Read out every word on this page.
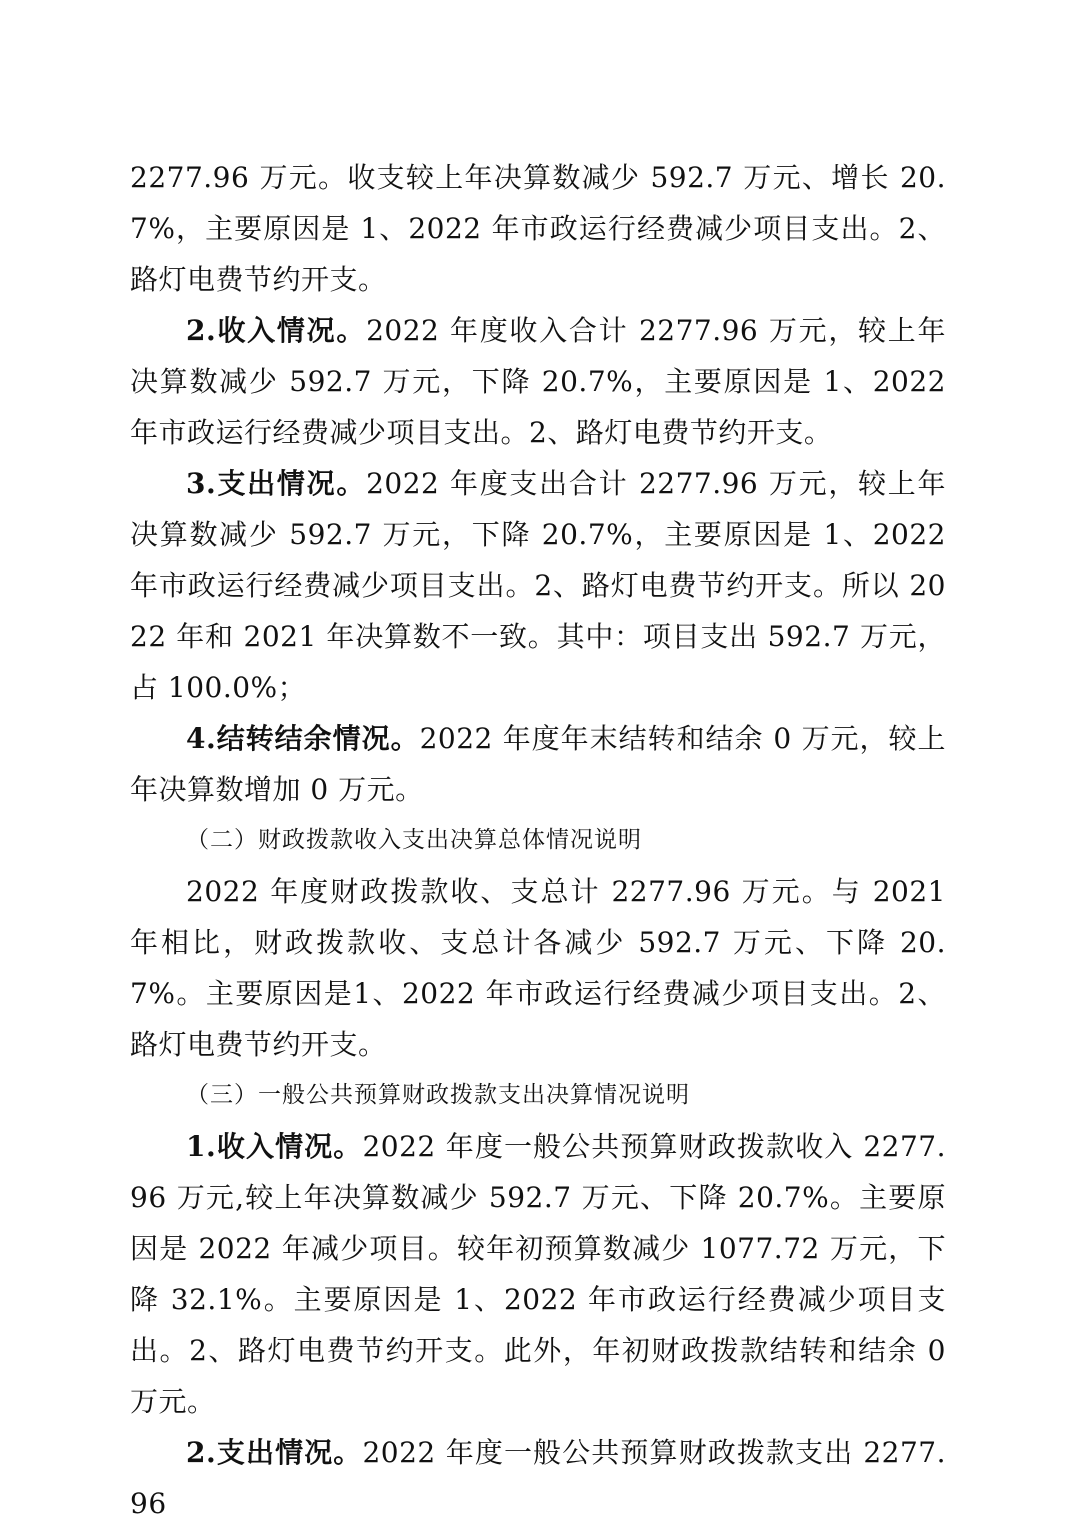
2277.96 万元。收支较上年决算数减少 592.7 万元、增长 20.7%，主要原因是 1、2022 年市政运行经费减少项目支出。2、路灯电费节约开支。

2.收入情况。2022 年度收入合计 2277.96 万元，较上年决算数减少 592.7 万元，下降 20.7%，主要原因是 1、2022 年市政运行经费减少项目支出。2、路灯电费节约开支。

3.支出情况。2022 年度支出合计 2277.96 万元，较上年决算数减少 592.7 万元，下降 20.7%，主要原因是 1、2022 年市政运行经费减少项目支出。2、路灯电费节约开支。所以 2022 年和 2021 年决算数不一致。其中：项目支出 592.7 万元，占 100.0%；

4.结转结余情况。2022 年度年末结转和结余 0 万元，较上年决算数增加 0 万元。

（二）财政拨款收入支出决算总体情况说明

2022 年度财政拨款收、支总计 2277.96 万元。与 2021 年相比，财政拨款收、支总计各减少 592.7 万元、下降 20.7%。主要原因是1、2022 年市政运行经费减少项目支出。2、路灯电费节约开支。

（三）一般公共预算财政拨款支出决算情况说明

1.收入情况。2022 年度一般公共预算财政拨款收入 2277.96 万元,较上年决算数减少 592.7 万元、下降 20.7%。主要原因是 2022 年减少项目。较年初预算数减少 1077.72 万元，下降 32.1%。主要原因是 1、2022 年市政运行经费减少项目支出。2、路灯电费节约开支。此外，年初财政拨款结转和结余 0 万元。

2.支出情况。2022 年度一般公共预算财政拨款支出 2277.96
